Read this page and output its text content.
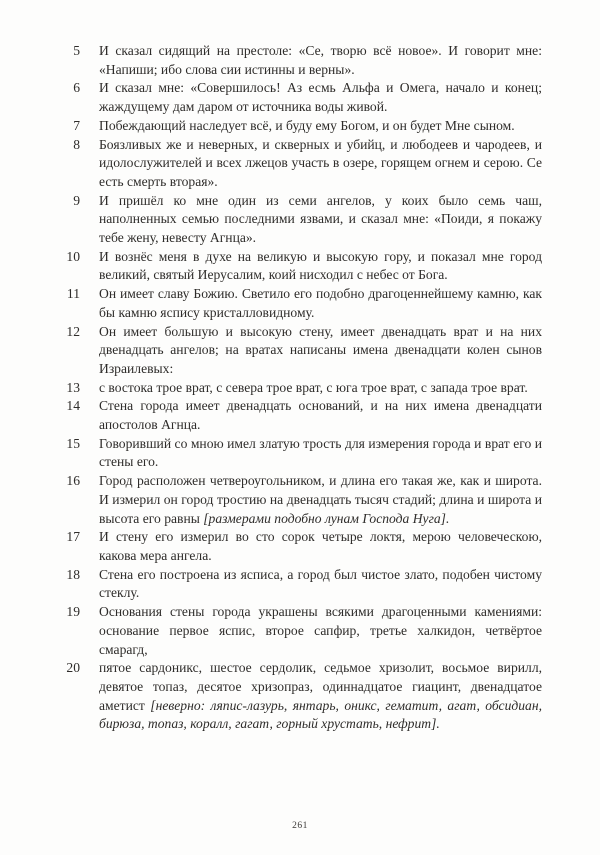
5 И сказал сидящий на престоле: «Се, творю всё новое». И говорит мне: «Напиши; ибо слова сии истинны и верны».
6 И сказал мне: «Совершилось! Аз есмь Альфа и Омега, начало и конец; жаждущему дам даром от источника воды живой.
7 Побеждающий наследует всё, и буду ему Богом, и он будет Мне сыном.
8 Боязливых же и неверных, и скверных и убийц, и любодеев и чародеев, и идолослужителей и всех лжецов участь в озере, горящем огнем и серою. Се есть смерть вторая».
9 И пришёл ко мне один из семи ангелов, у коих было семь чаш, наполненных семью последними язвами, и сказал мне: «Поиди, я покажу тебе жену, невесту Агнца».
10 И вознёс меня в духе на великую и высокую гору, и показал мне город великий, святый Иерусалим, коий нисходил с небес от Бога.
11 Он имеет славу Божию. Светило его подобно драгоценнейшему камню, как бы камню яспису кристалловидному.
12 Он имеет большую и высокую стену, имеет двенадцать врат и на них двенадцать ангелов; на вратах написаны имена двенадцати колен сынов Израилевых:
13 с востока трое врат, с севера трое врат, с юга трое врат, с запада трое врат.
14 Стена города имеет двенадцать оснований, и на них имена двенадцати апостолов Агнца.
15 Говоривший со мною имел златую трость для измерения города и врат его и стены его.
16 Город расположен четвероугольником, и длина его такая же, как и широта. И измерил он город тростию на двенадцать тысяч стадий; длина и широта и высота его равны [размерами подобно лунам Господа Нуга].
17 И стену его измерил во сто сорок четыре локтя, мерою человеческою, какова мера ангела.
18 Стена его построена из ясписа, а город был чистое злато, подобен чистому стеклу.
19 Основания стены города украшены всякими драгоценными камениями: основание первое яспис, второе сапфир, третье халкидон, четвёртое смарагд,
20 пятое сардоникс, шестое сердолик, седьмое хризолит, восьмое вирилл, девятое топаз, десятое хризопраз, одиннадцатое гиацинт, двенадцатое аметист [неверно: ляпис-лазурь, янтарь, оникс, гематит, агат, обсидиан, бирюза, топаз, коралл, гагат, горный хрустать, нефрит].
261
